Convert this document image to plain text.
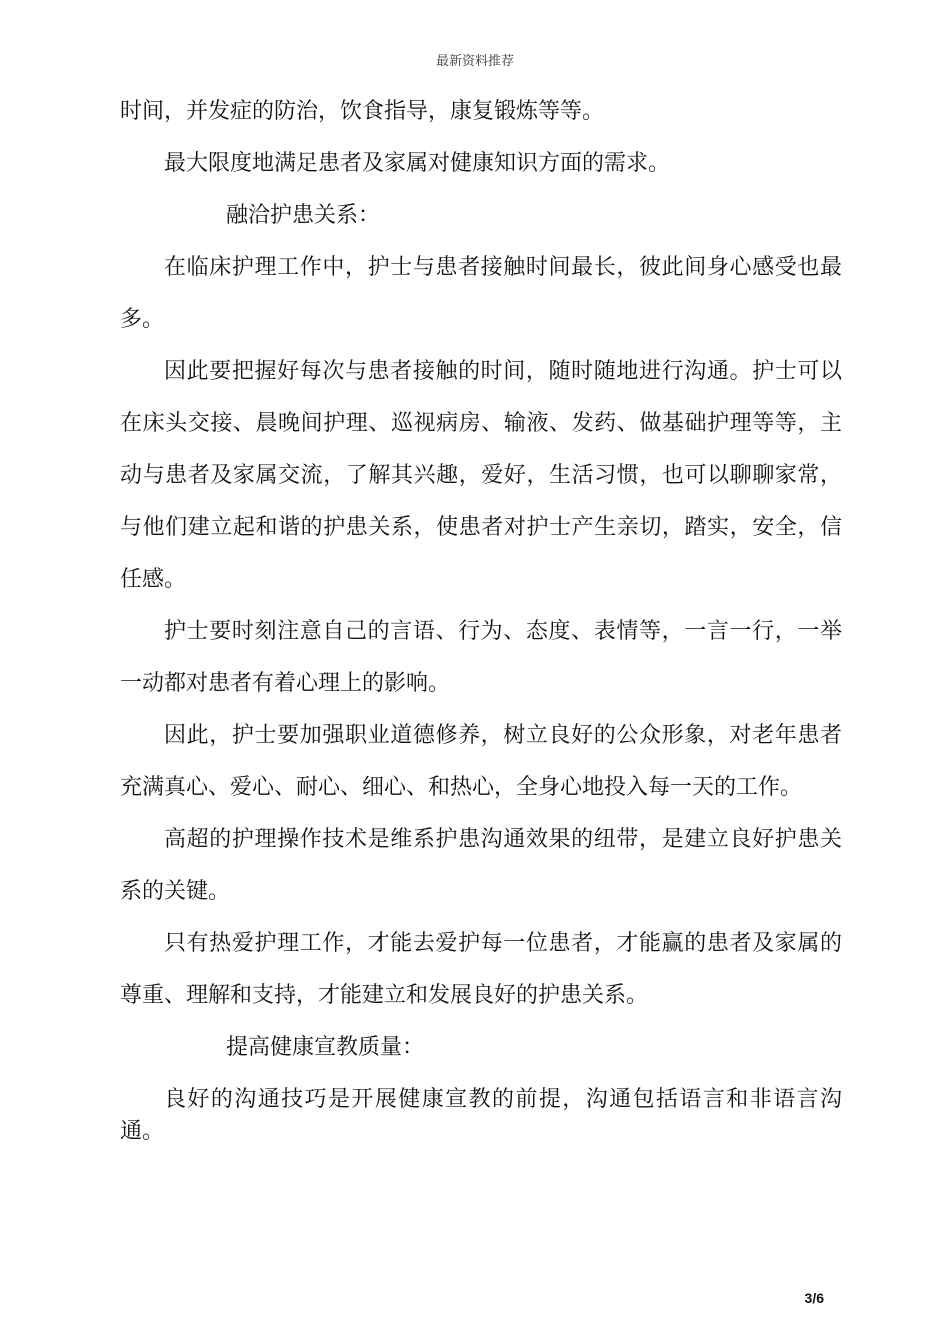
最新资料推荐

时间，并发症的防治，饮食指导，康复锻炼等等。

最大限度地满足患者及家属对健康知识方面的需求。

融洽护患关系：

在临床护理工作中，护士与患者接触时间最长，彼此间身心感受也最多。

因此要把握好每次与患者接触的时间，随时随地进行沟通。护士可以在床头交接、晨晚间护理、巡视病房、输液、发药、做基础护理等等，主动与患者及家属交流，了解其兴趣，爱好，生活习惯，也可以聊聊家常，与他们建立起和谐的护患关系，使患者对护士产生亲切，踏实，安全，信任感。

护士要时刻注意自己的言语、行为、态度、表情等，一言一行，一举一动都对患者有着心理上的影响。

因此，护士要加强职业道德修养，树立良好的公众形象，对老年患者充满真心、爱心、耐心、细心、和热心，全身心地投入每一天的工作。

高超的护理操作技术是维系护患沟通效果的纽带，是建立良好护患关系的关键。

只有热爱护理工作，才能去爱护每一位患者，才能赢的患者及家属的尊重、理解和支持，才能建立和发展良好的护患关系。

提高健康宣教质量：

良好的沟通技巧是开展健康宣教的前提，沟通包括语言和非语言沟通。

3/6
